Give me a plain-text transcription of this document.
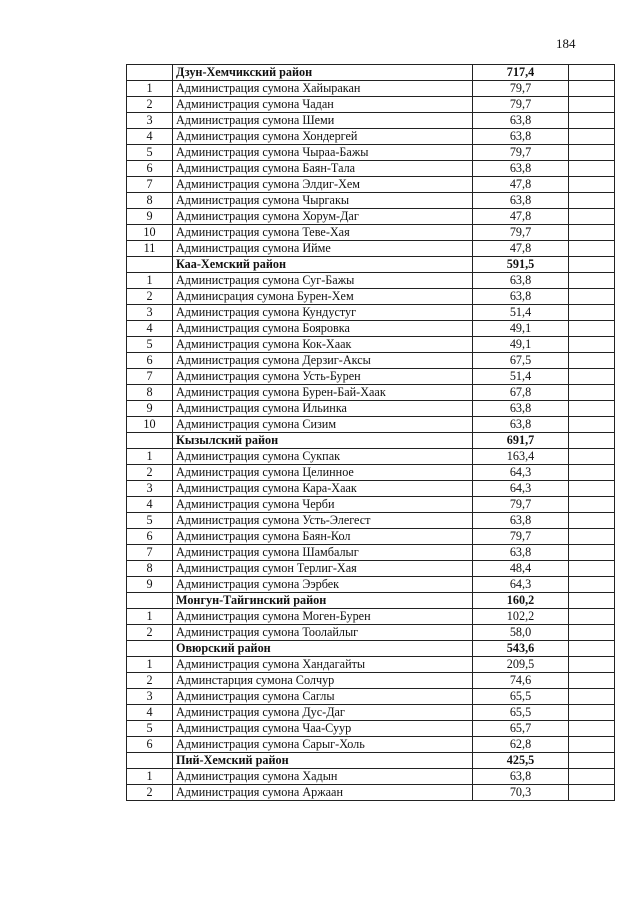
184
	Дзун-Хемчикский район	717,4	
1	Администрация сумона Хайыракан	79,7	
2	Администрация сумона Чадан	79,7	
3	Администрация сумона Шеми	63,8	
4	Администрация сумона Хондергей	63,8	
5	Администрация сумона Чыраа-Бажы	79,7	
6	Администрация сумона Баян-Тала	63,8	
7	Администрация сумона Элдиг-Хем	47,8	
8	Администрация сумона Чыргакы	63,8	
9	Администрация сумона Хорум-Даг	47,8	
10	Администрация сумона Теве-Хая	79,7	
11	Администрация сумона Ийме	47,8	
	Каа-Хемский район	591,5	
1	Администрация сумона Суг-Бажы	63,8	
2	Админисрация сумона Бурен-Хем	63,8	
3	Администрация сумона Кундустуг	51,4	
4	Администрация сумона Бояровка	49,1	
5	Администрация сумона Кок-Хаак	49,1	
6	Администрация сумона Дерзиг-Аксы	67,5	
7	Администрация сумона Усть-Бурен	51,4	
8	Администрация сумона Бурен-Бай-Хаак	67,8	
9	Администрация сумона Ильинка	63,8	
10	Администрация сумона Сизим	63,8	
	Кызылский район	691,7	
1	Администрация сумона Сукпак	163,4	
2	Администрация сумона Целинное	64,3	
3	Администрация сумона Кара-Хаак	64,3	
4	Администрация сумона Черби	79,7	
5	Администрация сумона Усть-Элегест	63,8	
6	Администрация сумона Баян-Кол	79,7	
7	Администрация сумона Шамбалыг	63,8	
8	Администрация сумон Терлиг-Хая	48,4	
9	Администрация сумона Ээрбек	64,3	
	Монгун-Тайгинский район	160,2	
1	Администрация сумона Моген-Бурен	102,2	
2	Администрация сумона Тоолайлыг	58,0	
	Овюрский район	543,6	
1	Администрация сумона Хандагайты	209,5	
2	Админстарция сумона Солчур	74,6	
3	Администрация сумона Саглы	65,5	
4	Администрация сумона Дус-Даг	65,5	
5	Администрация сумона Чаа-Суур	65,7	
6	Администрация сумона Сарыг-Холь	62,8	
	Пий-Хемский район	425,5	
1	Администрация сумона Хадын	63,8	
2	Администрация сумона Аржаан	70,3	
